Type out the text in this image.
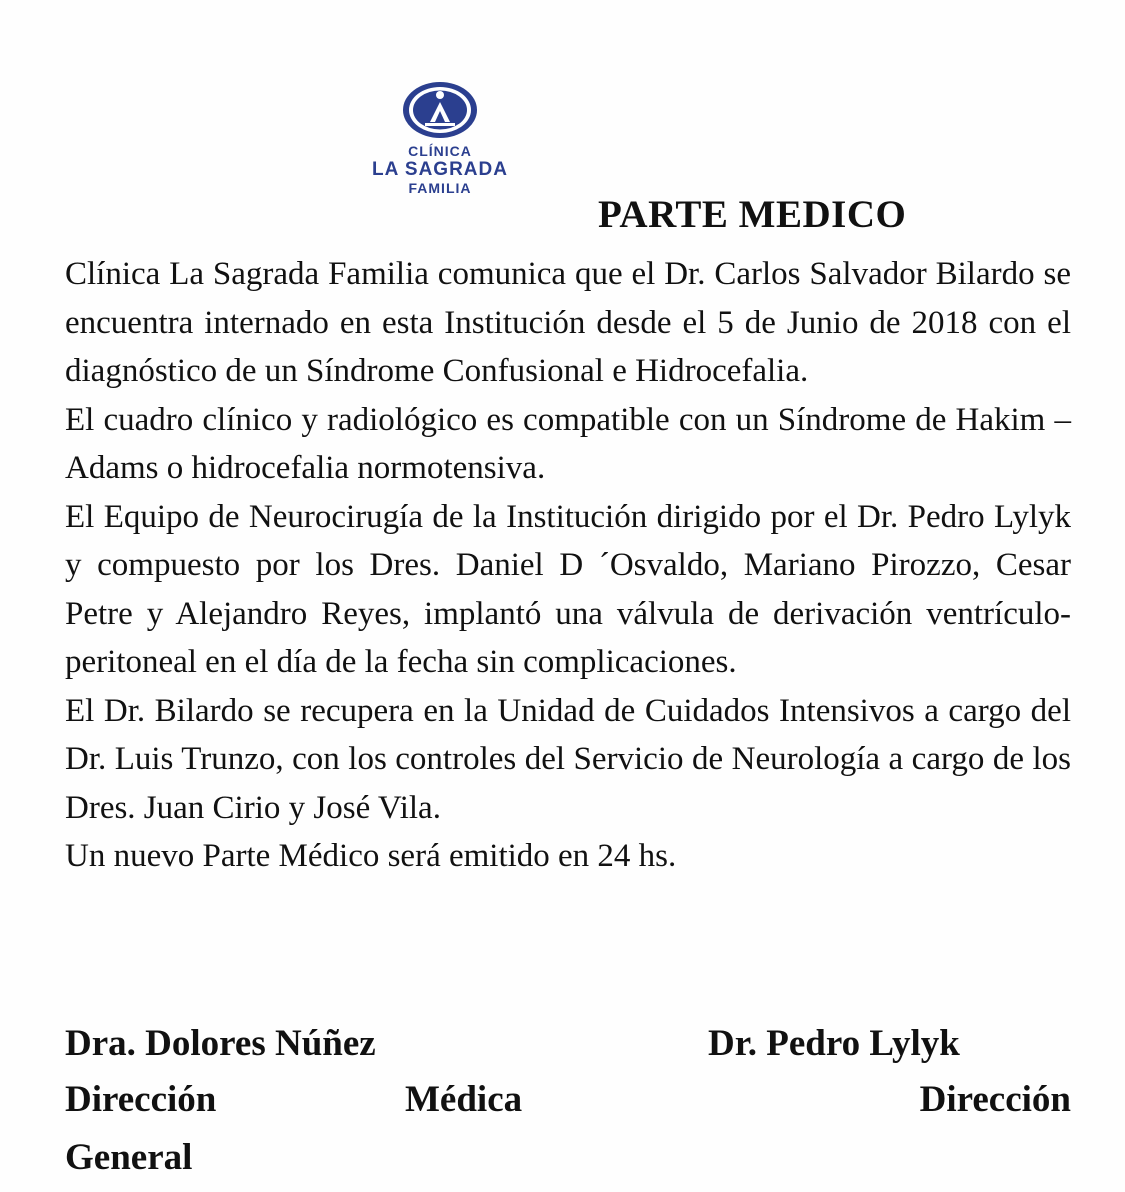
CLÍNICA
LA SAGRADA
FAMILIA
PARTE MEDICO

Clínica La Sagrada Familia comunica que el Dr. Carlos Salvador Bilardo se encuentra internado en esta Institución desde el 5 de Junio de 2018 con el diagnóstico de un Síndrome Confusional e Hidrocefalia.

El cuadro clínico y radiológico es compatible con un Síndrome de Hakim –Adams o hidrocefalia normotensiva.

El Equipo de Neurocirugía de la Institución dirigido por el Dr. Pedro Lylyk y compuesto por los Dres. Daniel D ´Osvaldo, Mariano Pirozzo, Cesar Petre y Alejandro Reyes, implantó una válvula de derivación ventrículo-peritoneal en el día de la fecha sin complicaciones.

El Dr. Bilardo se recupera en la Unidad de Cuidados Intensivos a cargo del Dr. Luis Trunzo, con los controles del Servicio de Neurología a cargo de los Dres. Juan Cirio y José Vila.

Un nuevo Parte Médico será emitido en 24 hs.

Dra. Dolores Núñez	Dr. Pedro Lylyk
Dirección	Médica	Dirección
General
